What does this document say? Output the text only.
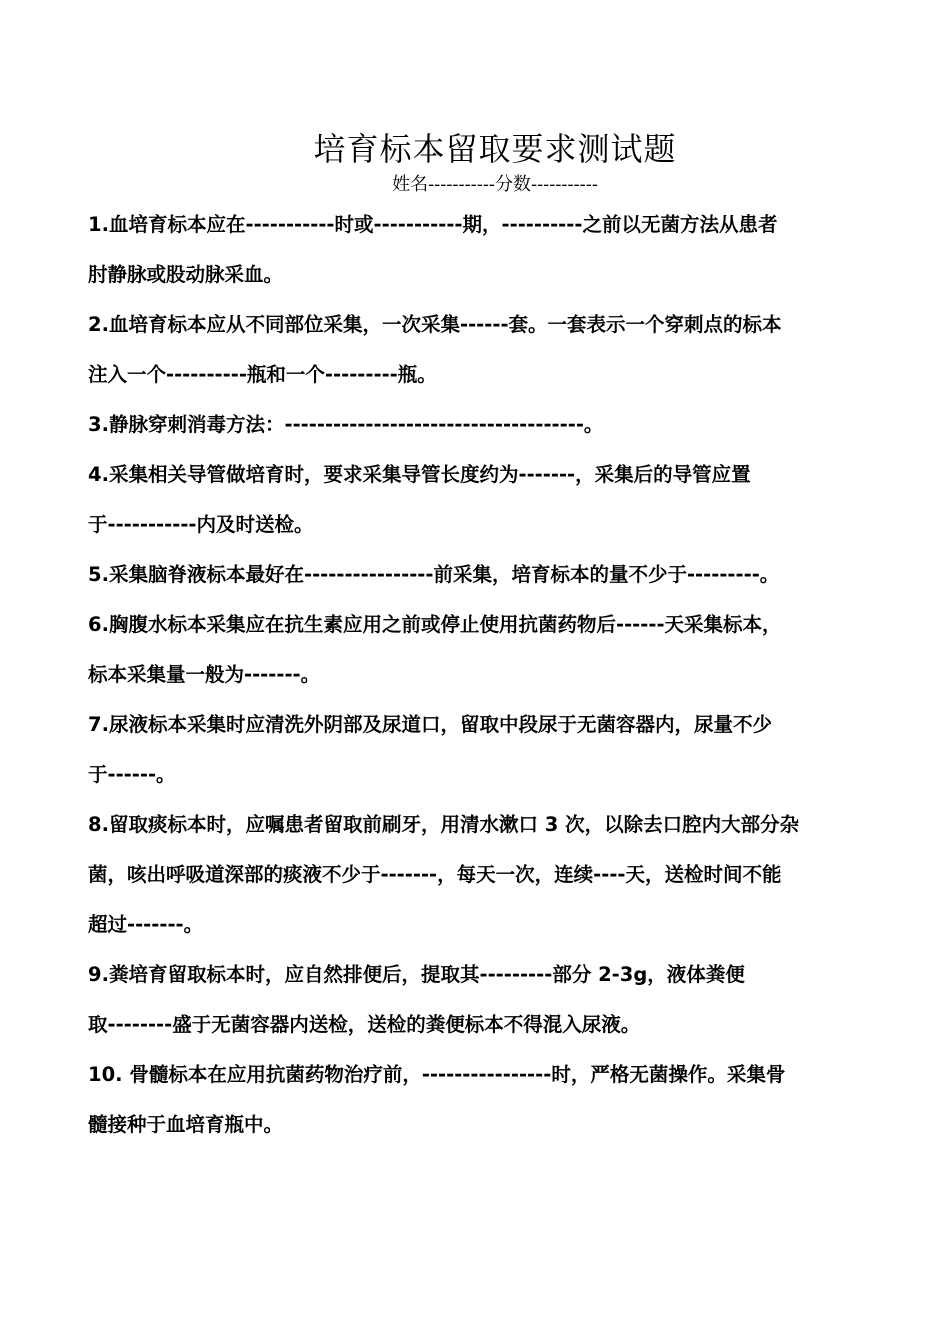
培育标本留取要求测试题
姓名-----------分数-----------

1.血培育标本应在-----------时或-----------期，----------之前以无菌方法从患者
肘静脉或股动脉采血。

2.血培育标本应从不同部位采集，一次采集------套。一套表示一个穿刺点的标本
注入一个----------瓶和一个---------瓶。

3.静脉穿刺消毒方法：-------------------------------------。

4.采集相关导管做培育时，要求采集导管长度约为-------，采集后的导管应置
于-----------内及时送检。

5.采集脑脊液标本最好在----------------前采集，培育标本的量不少于---------。

6.胸腹水标本采集应在抗生素应用之前或停止使用抗菌药物后------天采集标本，
标本采集量一般为-------。

7.尿液标本采集时应清洗外阴部及尿道口，留取中段尿于无菌容器内，尿量不少
于------。

8.留取痰标本时，应嘱患者留取前刷牙，用清水漱口 3 次，以除去口腔内大部分杂
菌，咳出呼吸道深部的痰液不少于-------，每天一次，连续----天，送检时间不能
超过-------。

9.粪培育留取标本时，应自然排便后，提取其---------部分 2-3g，液体粪便
取--------盛于无菌容器内送检，送检的粪便标本不得混入尿液。

10. 骨髓标本在应用抗菌药物治疗前，----------------时，严格无菌操作。采集骨
髓接种于血培育瓶中。
